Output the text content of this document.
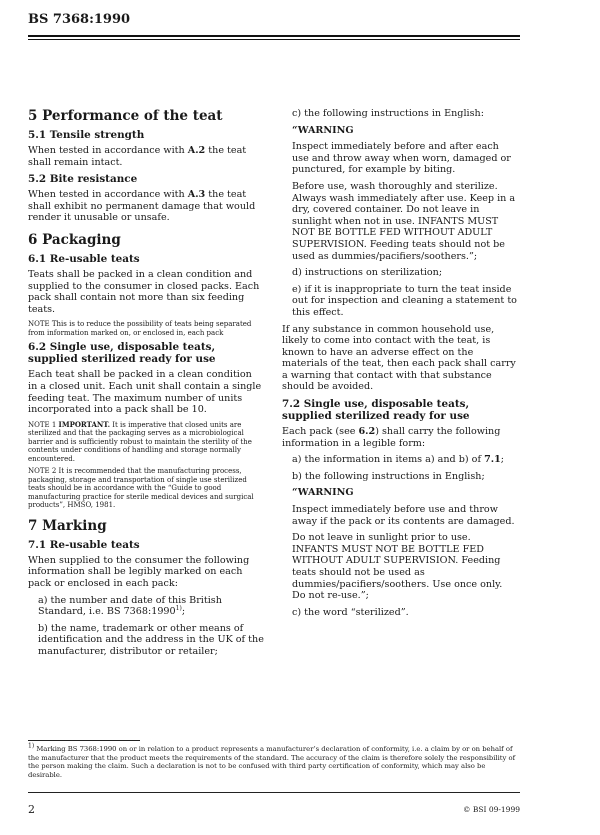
BS 7368:1990
5 Performance of the teat
5.1 Tensile strength

When tested in accordance with A.2 the teat shall remain intact.

5.2 Bite resistance

When tested in accordance with A.3 the teat shall exhibit no permanent damage that would render it unusable or unsafe.

6 Packaging
6.1 Re-usable teats

Teats shall be packed in a clean condition and supplied to the consumer in closed packs. Each pack shall contain not more than six feeding teats.

NOTE This is to reduce the possibility of teats being separated from information marked on, or enclosed in, each pack

6.2 Single use, disposable teats, supplied sterilized ready for use

Each teat shall be packed in a clean condition in a closed unit. Each unit shall contain a single feeding teat. The maximum number of units incorporated into a pack shall be 10.

NOTE 1 IMPORTANT. It is imperative that closed units are sterilized and that the packaging serves as a microbiological barrier and is sufficiently robust to maintain the sterility of the contents under conditions of handling and storage normally encountered.

NOTE 2 It is recommended that the manufacturing process, packaging, storage and transportation of single use sterilized teats should be in accordance with the “Guide to good manufacturing practice for sterile medical devices and surgical products”, HMSO, 1981.

7 Marking
7.1 Re-usable teats

When supplied to the consumer the following information shall be legibly marked on each pack or enclosed in each pack:

a) the number and date of this British Standard, i.e. BS 7368:1990$^{1)}$;

b) the name, trademark or other means of identification and the address in the UK of the manufacturer, distributor or retailer;

c) the following instructions in English:

“WARNING

Inspect immediately before and after each use and throw away when worn, damaged or punctured, for example by biting.

Before use, wash thoroughly and sterilize. Always wash immediately after use. Keep in a dry, covered container. Do not leave in sunlight when not in use. INFANTS MUST NOT BE BOTTLE FED WITHOUT ADULT SUPERVISION. Feeding teats should not be used as dummies/pacifiers/soothers.”;

d) instructions on sterilization;

e) if it is inappropriate to turn the teat inside out for inspection and cleaning a statement to this effect.

If any substance in common household use, likely to come into contact with the teat, is known to have an adverse effect on the materials of the teat, then each pack shall carry a warning that contact with that substance should be avoided.

7.2 Single use, disposable teats, supplied sterilized ready for use

Each pack (see 6.2) shall carry the following information in a legible form:

a) the information in items a) and b) of 7.1;

b) the following instructions in English;

“WARNING

Inspect immediately before use and throw away if the pack or its contents are damaged.

Do not leave in sunlight prior to use. INFANTS MUST NOT BE BOTTLE FED WITHOUT ADULT SUPERVISION. Feeding teats should not be used as dummies/pacifiers/soothers. Use once only. Do not re-use.”;

c) the word “sterilized”.

$^{1)}$ Marking BS 7368:1990 on or in relation to a product represents a manufacturer’s declaration of conformity, i.e. a claim by or on behalf of the manufacturer that the product meets the requirements of the standard. The accuracy of the claim is therefore solely the responsibility of the person making the claim. Such a declaration is not to be confused with third party certification of conformity, which may also be desirable.
2	© BSI 09-1999
